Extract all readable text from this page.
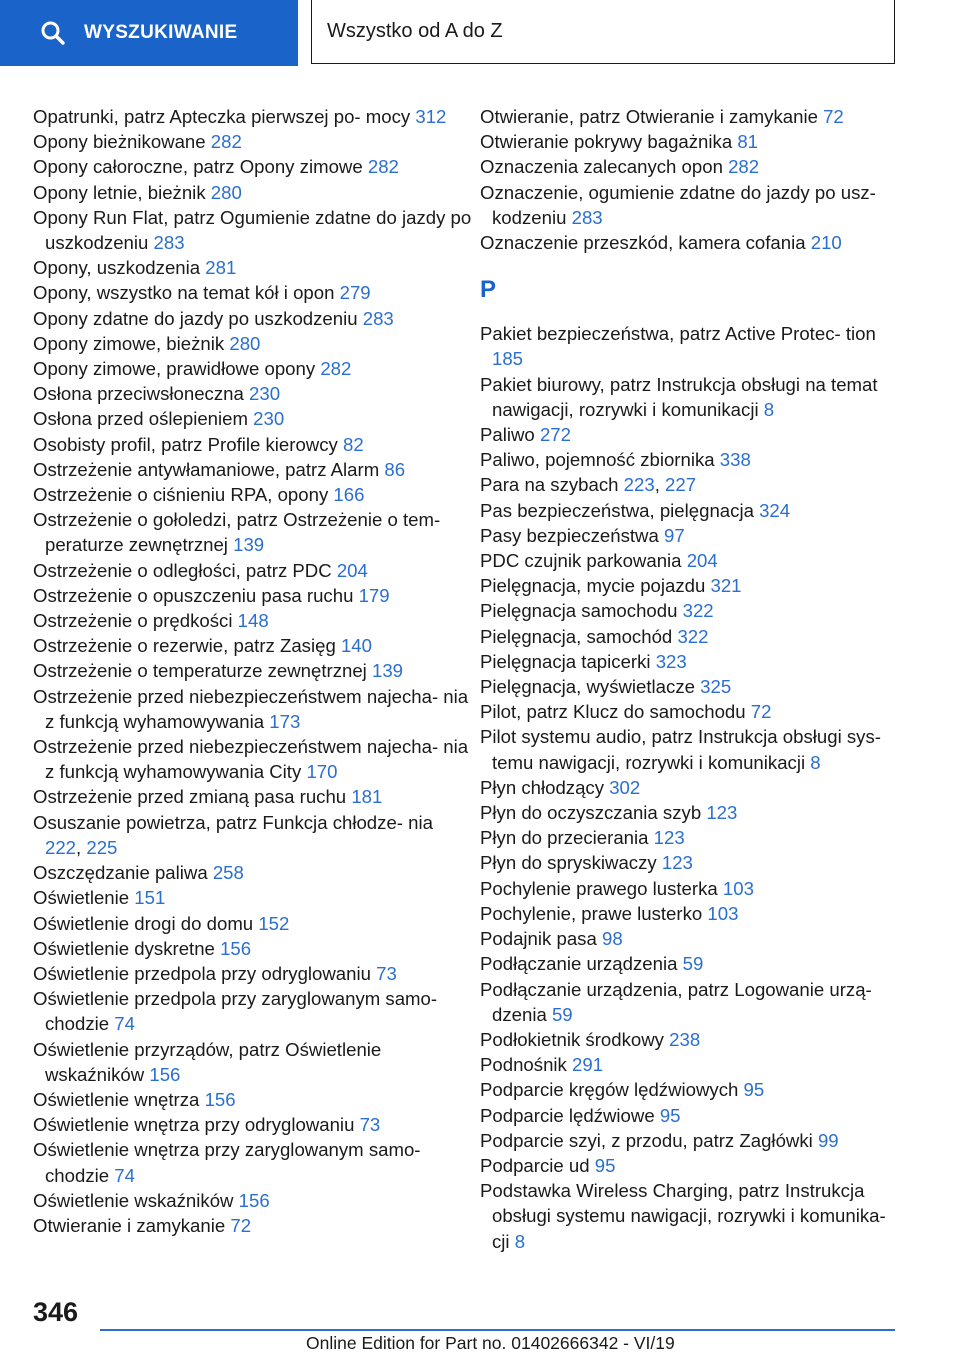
WYSZUKIWANIE	Wszystko od A do Z

Opatrunki, patrz Apteczka pierwszej po‐ mocy 312

Opony bieżnikowane 282

Opony całoroczne, patrz Opony zimowe 282

Opony letnie, bieżnik 280

Opony Run Flat, patrz Ogumienie zdatne do jazdy po uszkodzeniu 283

Opony, uszkodzenia 281

Opony, wszystko na temat kół i opon 279

Opony zdatne do jazdy po uszkodzeniu 283

Opony zimowe, bieżnik 280

Opony zimowe, prawidłowe opony 282

Osłona przeciwsłoneczna 230

Osłona przed oślepieniem 230

Osobisty profil, patrz Profile kierowcy 82

Ostrzeżenie antywłamaniowe, patrz Alarm 86

Ostrzeżenie o ciśnieniu RPA, opony 166

Ostrzeżenie o gołoledzi, patrz Ostrzeżenie o tem‐ peraturze zewnętrznej 139

Ostrzeżenie o odległości, patrz PDC 204

Ostrzeżenie o opuszczeniu pasa ruchu 179

Ostrzeżenie o prędkości 148

Ostrzeżenie o rezerwie, patrz Zasięg 140

Ostrzeżenie o temperaturze zewnętrznej 139

Ostrzeżenie przed niebezpieczeństwem najecha‐ nia z funkcją wyhamowywania 173

Ostrzeżenie przed niebezpieczeństwem najecha‐ nia z funkcją wyhamowywania City 170

Ostrzeżenie przed zmianą pasa ruchu 181

Osuszanie powietrza, patrz Funkcja chłodze‐ nia 222, 225

Oszczędzanie paliwa 258

Oświetlenie 151

Oświetlenie drogi do domu 152

Oświetlenie dyskretne 156

Oświetlenie przedpola przy odryglowaniu 73

Oświetlenie przedpola przy zaryglowanym samo‐ chodzie 74

Oświetlenie przyrządów, patrz Oświetlenie wskaźników 156

Oświetlenie wnętrza 156

Oświetlenie wnętrza przy odryglowaniu 73

Oświetlenie wnętrza przy zaryglowanym samo‐ chodzie 74

Oświetlenie wskaźników 156

Otwieranie i zamykanie 72

Otwieranie, patrz Otwieranie i zamykanie 72

Otwieranie pokrywy bagażnika 81

Oznaczenia zalecanych opon 282

Oznaczenie, ogumienie zdatne do jazdy po usz‐ kodzeniu 283

Oznaczenie przeszkód, kamera cofania 210

P

Pakiet bezpieczeństwa, patrz Active Protec‐ tion 185

Pakiet biurowy, patrz Instrukcja obsługi na temat nawigacji, rozrywki i komunikacji 8

Paliwo 272

Paliwo, pojemność zbiornika 338

Para na szybach 223, 227

Pas bezpieczeństwa, pielęgnacja 324

Pasy bezpieczeństwa 97

PDC czujnik parkowania 204

Pielęgnacja, mycie pojazdu 321

Pielęgnacja samochodu 322

Pielęgnacja, samochód 322

Pielęgnacja tapicerki 323

Pielęgnacja, wyświetlacze 325

Pilot, patrz Klucz do samochodu 72

Pilot systemu audio, patrz Instrukcja obsługi sys‐ temu nawigacji, rozrywki i komunikacji 8

Płyn chłodzący 302

Płyn do oczyszczania szyb 123

Płyn do przecierania 123

Płyn do spryskiwaczy 123

Pochylenie prawego lusterka 103

Pochylenie, prawe lusterko 103

Podajnik pasa 98

Podłączanie urządzenia 59

Podłączanie urządzenia, patrz Logowanie urzą‐ dzenia 59

Podłokietnik środkowy 238

Podnośnik 291

Podparcie kręgów lędźwiowych 95

Podparcie lędźwiowe 95

Podparcie szyi, z przodu, patrz Zagłówki 99

Podparcie ud 95

Podstawka Wireless Charging, patrz Instrukcja obsługi systemu nawigacji, rozrywki i komunika‐ cji 8

346
Online Edition for Part no. 01402666342 - VI/19
